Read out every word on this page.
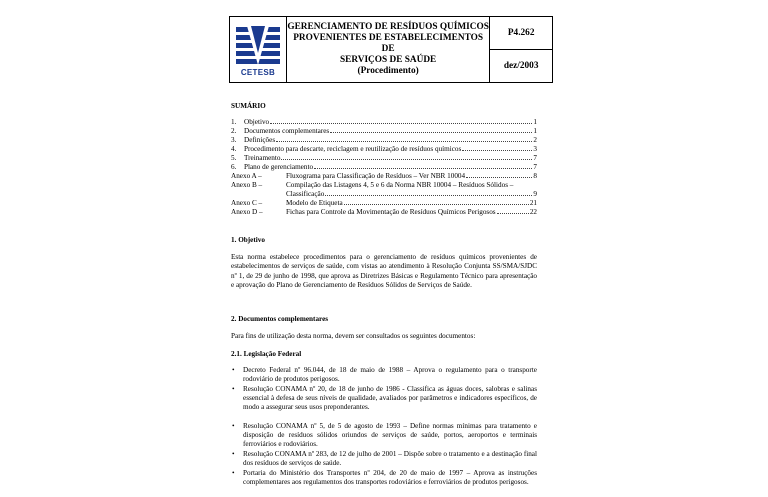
CETESB

GERENCIAMENTO DE RESÍDUOS QUÍMICOS
PROVENIENTES DE ESTABELECIMENTOS DE
SERVIÇOS DE SAÚDE
(Procedimento)
	P4.262
dez/2003
SUMÁRIO
1.	Objetivo	1
2.	Documentos complementares	1
3.	Definições	2
4.	Procedimento para descarte, reciclagem e reutilização de resíduos químicos	3
5.	Treinamento	7
6.	Plano de gerenciamento	7
Anexo A –	Fluxograma para Classificação de Resíduos – Ver NBR 10004	8
Anexo B –	Compilação das Listagens 4, 5 e 6 da Norma NBR 10004 – Resíduos Sólidos –
Classificação	9
Anexo C –	Modelo de Etiqueta	21
Anexo D –	Fichas para Controle da Movimentação de Resíduos Químicos Perigosos	22
1. Objetivo
Esta norma estabelece procedimentos para o gerenciamento de resíduos químicos provenientes de estabelecimentos de serviços de saúde, com vistas ao atendimento à Resolução Conjunta SS/SMA/SJDC nº 1, de 29 de junho de 1998, que aprova as Diretrizes Básicas e Regulamento Técnico para apresentação e aprovação do Plano de Gerenciamento de Resíduos Sólidos de Serviços de Saúde.
2. Documentos complementares
Para fins de utilização desta norma, devem ser consultados os seguintes documentos:
2.1. Legislação Federal
• Decreto Federal nº 96.044, de 18 de maio de 1988 – Aprova o regulamento para o transporte rodoviário de produtos perigosos.
• Resolução CONAMA nº 20, de 18 de junho de 1986 - Classifica as águas doces, salobras e salinas essencial à defesa de seus níveis de qualidade, avaliados por parâmetros e indicadores específicos, de modo a assegurar seus usos preponderantes.
• Resolução CONAMA nº 5, de 5 de agosto de 1993 – Define normas mínimas para tratamento e disposição de resíduos sólidos oriundos de serviços de saúde, portos, aeroportos e terminais ferroviários e rodoviários.
• Resolução CONAMA nº 283, de 12 de julho de 2001 – Dispõe sobre o tratamento e a destinação final dos resíduos de serviços de saúde.
• Portaria do Ministério dos Transportes nº 204, de 20 de maio de 1997 – Aprova as instruções complementares aos regulamentos dos transportes rodoviários e ferroviários de produtos perigosos.
